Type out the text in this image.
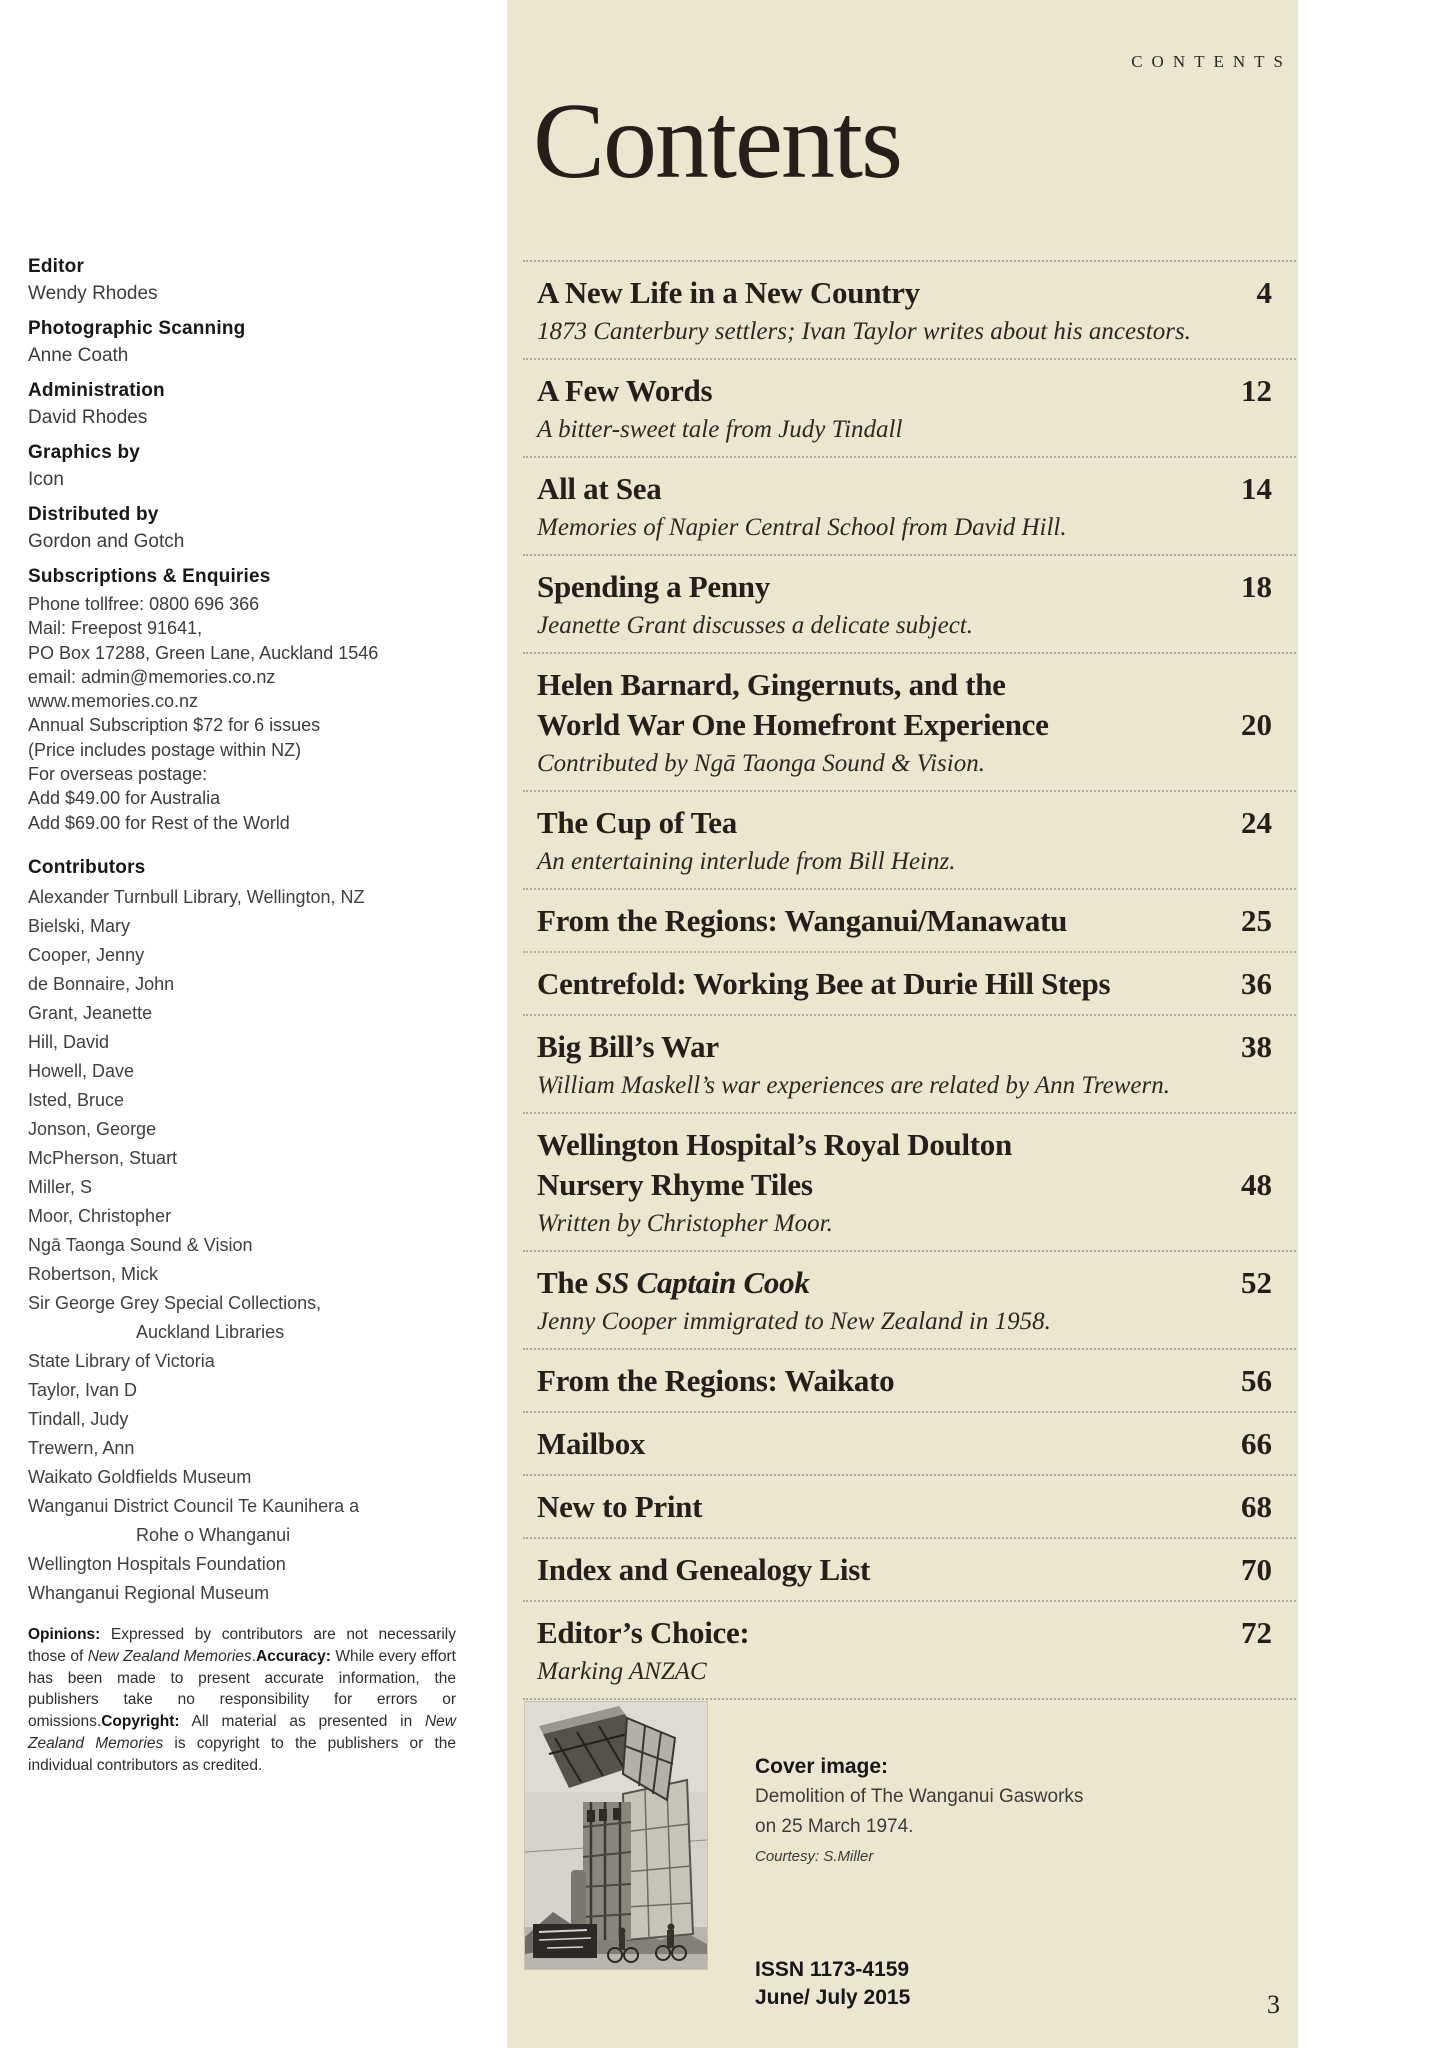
Editor
Wendy Rhodes
Photographic Scanning
Anne Coath
Administration
David Rhodes
Graphics by
Icon
Distributed by
Gordon and Gotch
Subscriptions & Enquiries
Phone tollfree: 0800 696 366
Mail: Freepost 91641,
PO Box 17288, Green Lane, Auckland 1546
email: admin@memories.co.nz
www.memories.co.nz
Annual Subscription $72 for 6 issues
(Price includes postage within NZ)
For overseas postage:
Add $49.00 for Australia
Add $69.00 for Rest of the World
Contributors
Alexander Turnbull Library, Wellington, NZ
Bielski, Mary
Cooper, Jenny
de Bonnaire, John
Grant, Jeanette
Hill, David
Howell, Dave
Isted, Bruce
Jonson, George
McPherson, Stuart
Miller, S
Moor, Christopher
Ngā Taonga Sound & Vision
Robertson, Mick
Sir George Grey Special Collections,
Auckland Libraries
State Library of Victoria
Taylor, Ivan D
Tindall, Judy
Trewern, Ann
Waikato Goldfields Museum
Wanganui District Council Te Kaunihera a
Rohe o Whanganui
Wellington Hospitals Foundation
Whanganui Regional Museum
Opinions: Expressed by contributors are not necessarily those of New Zealand Memories.Accuracy: While every effort has been made to present accurate information, the publishers take no responsibility for errors or omissions.Copyright: All material as presented in New Zealand Memories is copyright to the publishers or the individual contributors as credited.
CONTENTS
Contents
A New Life in a New Country	4
1873 Canterbury settlers; Ivan Taylor writes about his ancestors.
A Few Words	12
A bitter-sweet tale from Judy Tindall
All at Sea	14
Memories of Napier Central School from David Hill.
Spending a Penny	18
Jeanette Grant discusses a delicate subject.
Helen Barnard, Gingernuts, and the
World War One Homefront Experience	20
Contributed by Ngā Taonga Sound & Vision.
The Cup of Tea	24
An entertaining interlude from Bill Heinz.
From the Regions: Wanganui/Manawatu	25
Centrefold: Working Bee at Durie Hill Steps	36
Big Bill’s War	38
William Maskell’s war experiences are related by Ann Trewern.
Wellington Hospital’s Royal Doulton
Nursery Rhyme Tiles	48
Written by Christopher Moor.
The SS Captain Cook	52
Jenny Cooper immigrated to New Zealand in 1958.
From the Regions: Waikato	56
Mailbox	66
New to Print	68
Index and Genealogy List	70
Editor’s Choice:	72
Marking ANZAC
Cover image:
Demolition of The Wanganui Gasworks
on 25 March 1974.
Courtesy: S.Miller
ISSN 1173-4159
June/ July 2015	3
